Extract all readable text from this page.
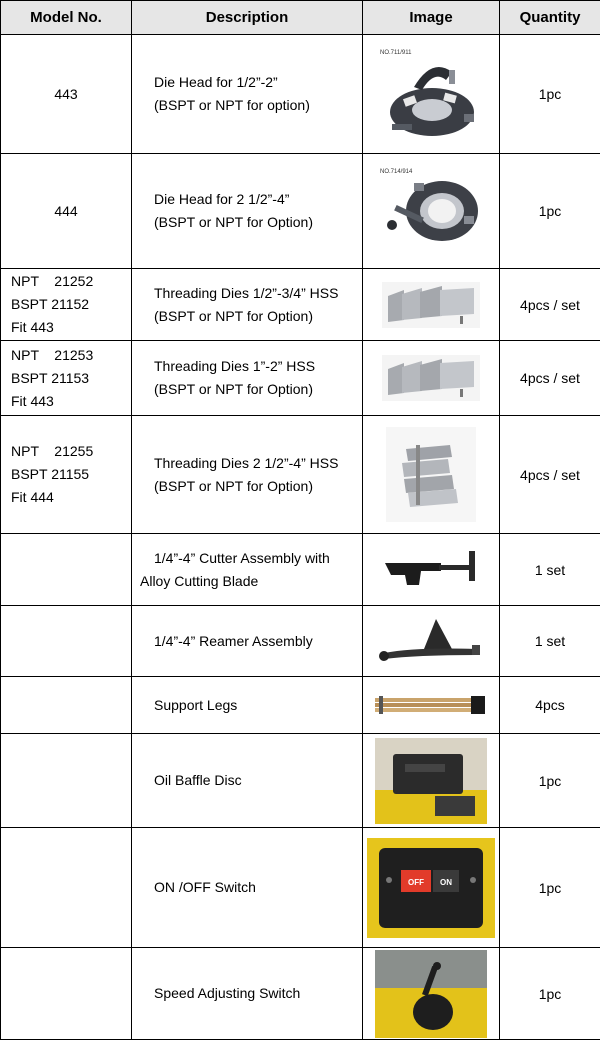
Model No.	Description	Image	Quantity

443	Die Head for 1/2”-2”
(BSPT or NPT for option)	NO.711/911	1pc

444	Die Head for 2 1/2”-4”
(BSPT or NPT for Option)	NO.714/914	1pc

NPT    21252
BSPT 21152
Fit 443	Threading Dies 1/2”-3/4” HSS
(BSPT or NPT for Option)		4pcs / set

NPT    21253
BSPT 21153
Fit 443	Threading Dies 1”-2” HSS
(BSPT or NPT for Option)		4pcs / set

NPT    21255
BSPT 21155
Fit 444	Threading Dies 2 1/2”-4” HSS
(BSPT or NPT for Option)		4pcs / set

	1/4”-4” Cutter Assembly with
Alloy Cutting Blade		1 set

	1/4”-4” Reamer Assembly		1 set

	Support Legs		4pcs

	Oil Baffle Disc		1pc

	ON /OFF Switch	OFF ON	1pc

	Speed Adjusting Switch		1pc
